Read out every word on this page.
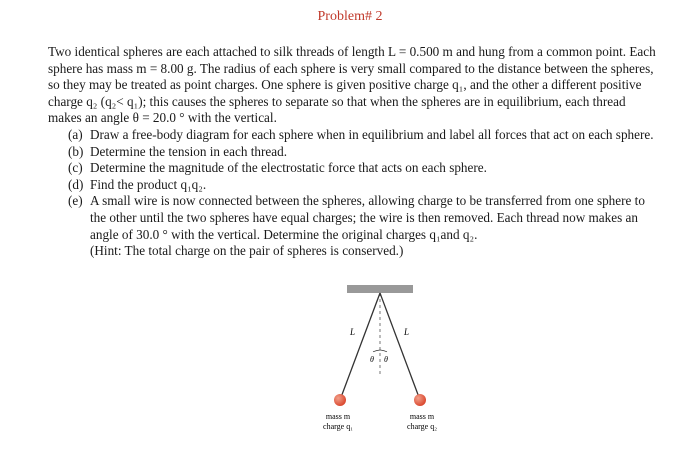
Problem# 2

Two identical spheres are each attached to silk threads of length L = 0.500 m and hung from a common point. Each sphere has mass m = 8.00 g. The radius of each sphere is very small compared to the distance between the spheres, so they may be treated as point charges. One sphere is given positive charge q₁, and the other a different positive charge q₂ (q₂< q₁); this causes the spheres to separate so that when the spheres are in equilibrium, each thread makes an angle θ = 20.0 ° with the vertical.

(a) Draw a free-body diagram for each sphere when in equilibrium and label all forces that act on each sphere.
(b) Determine the tension in each thread.
(c) Determine the magnitude of the electrostatic force that acts on each sphere.
(d) Find the product q₁q₂.
(e) A small wire is now connected between the spheres, allowing charge to be transferred from one sphere to the other until the two spheres have equal charges; the wire is then removed. Each thread now makes an angle of 30.0 ° with the vertical. Determine the original charges q₁and q₂.
(Hint: The total charge on the pair of spheres is conserved.)
L	L
θ θ
mass m
charge q₁
mass m
charge q₂
